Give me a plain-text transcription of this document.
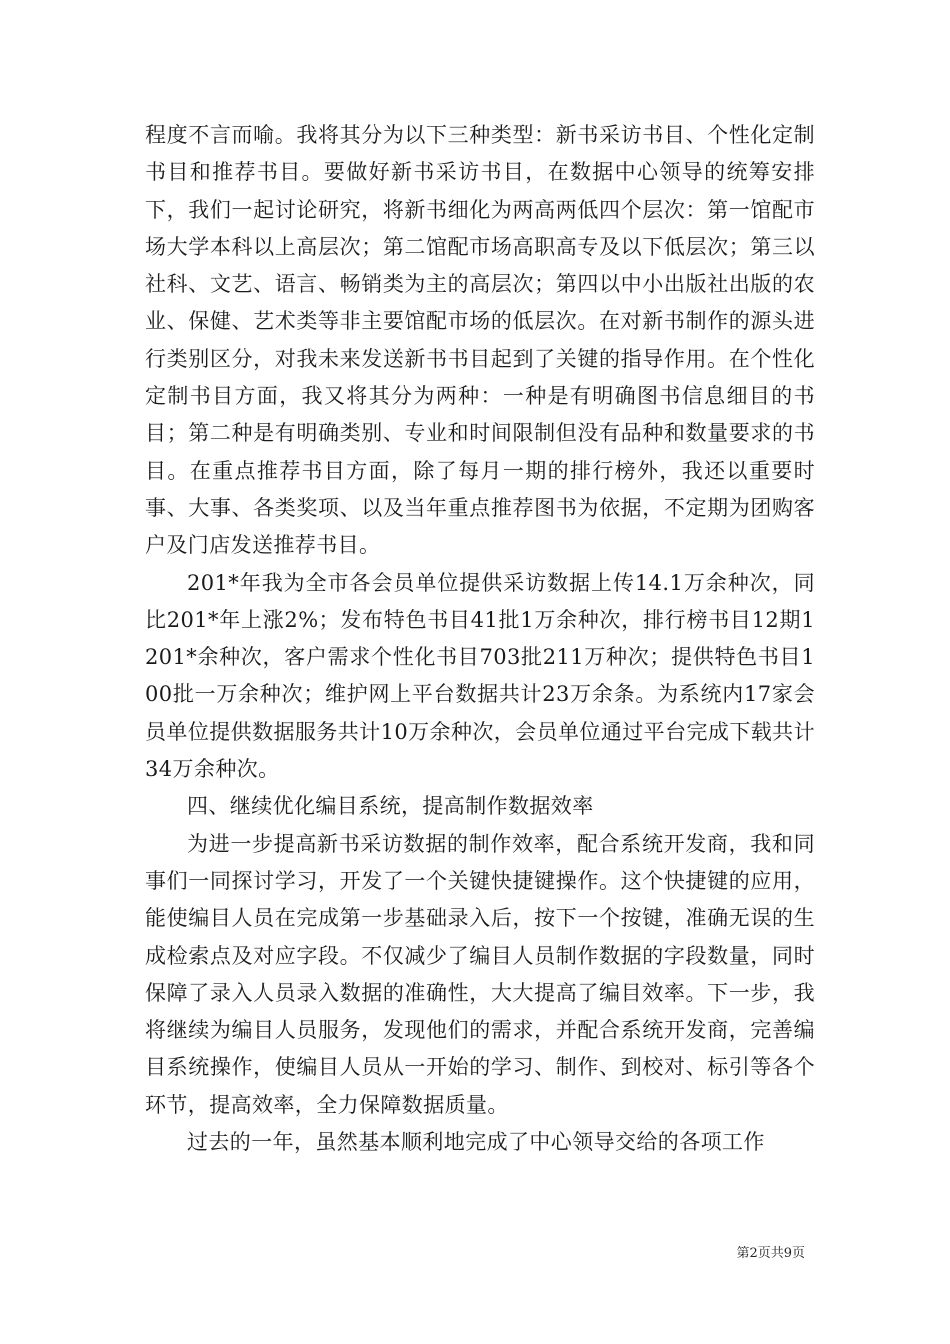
程度不言而喻。我将其分为以下三种类型：新书采访书目、个性化定制书目和推荐书目。要做好新书采访书目，在数据中心领导的统筹安排下，我们一起讨论研究，将新书细化为两高两低四个层次：第一馆配市场大学本科以上高层次；第二馆配市场高职高专及以下低层次；第三以社科、文艺、语言、畅销类为主的高层次；第四以中小出版社出版的农业、保健、艺术类等非主要馆配市场的低层次。在对新书制作的源头进行类别区分，对我未来发送新书书目起到了关键的指导作用。在个性化定制书目方面，我又将其分为两种：一种是有明确图书信息细目的书目；第二种是有明确类别、专业和时间限制但没有品种和数量要求的书目。在重点推荐书目方面，除了每月一期的排行榜外，我还以重要时事、大事、各类奖项、以及当年重点推荐图书为依据，不定期为团购客户及门店发送推荐书目。

201*年我为全市各会员单位提供采访数据上传14.1万余种次，同比201*年上涨2%；发布特色书目41批1万余种次，排行榜书目12期1201*余种次，客户需求个性化书目703批211万种次；提供特色书目100批一万余种次；维护网上平台数据共计23万余条。为系统内17家会员单位提供数据服务共计10万余种次，会员单位通过平台完成下载共计34万余种次。

四、继续优化编目系统，提高制作数据效率

为进一步提高新书采访数据的制作效率，配合系统开发商，我和同事们一同探讨学习，开发了一个关键快捷键操作。这个快捷键的应用，能使编目人员在完成第一步基础录入后，按下一个按键，准确无误的生成检索点及对应字段。不仅减少了编目人员制作数据的字段数量，同时保障了录入人员录入数据的准确性，大大提高了编目效率。下一步，我将继续为编目人员服务，发现他们的需求，并配合系统开发商，完善编目系统操作，使编目人员从一开始的学习、制作、到校对、标引等各个环节，提高效率，全力保障数据质量。

过去的一年，虽然基本顺利地完成了中心领导交给的各项工作

第2页共9页
